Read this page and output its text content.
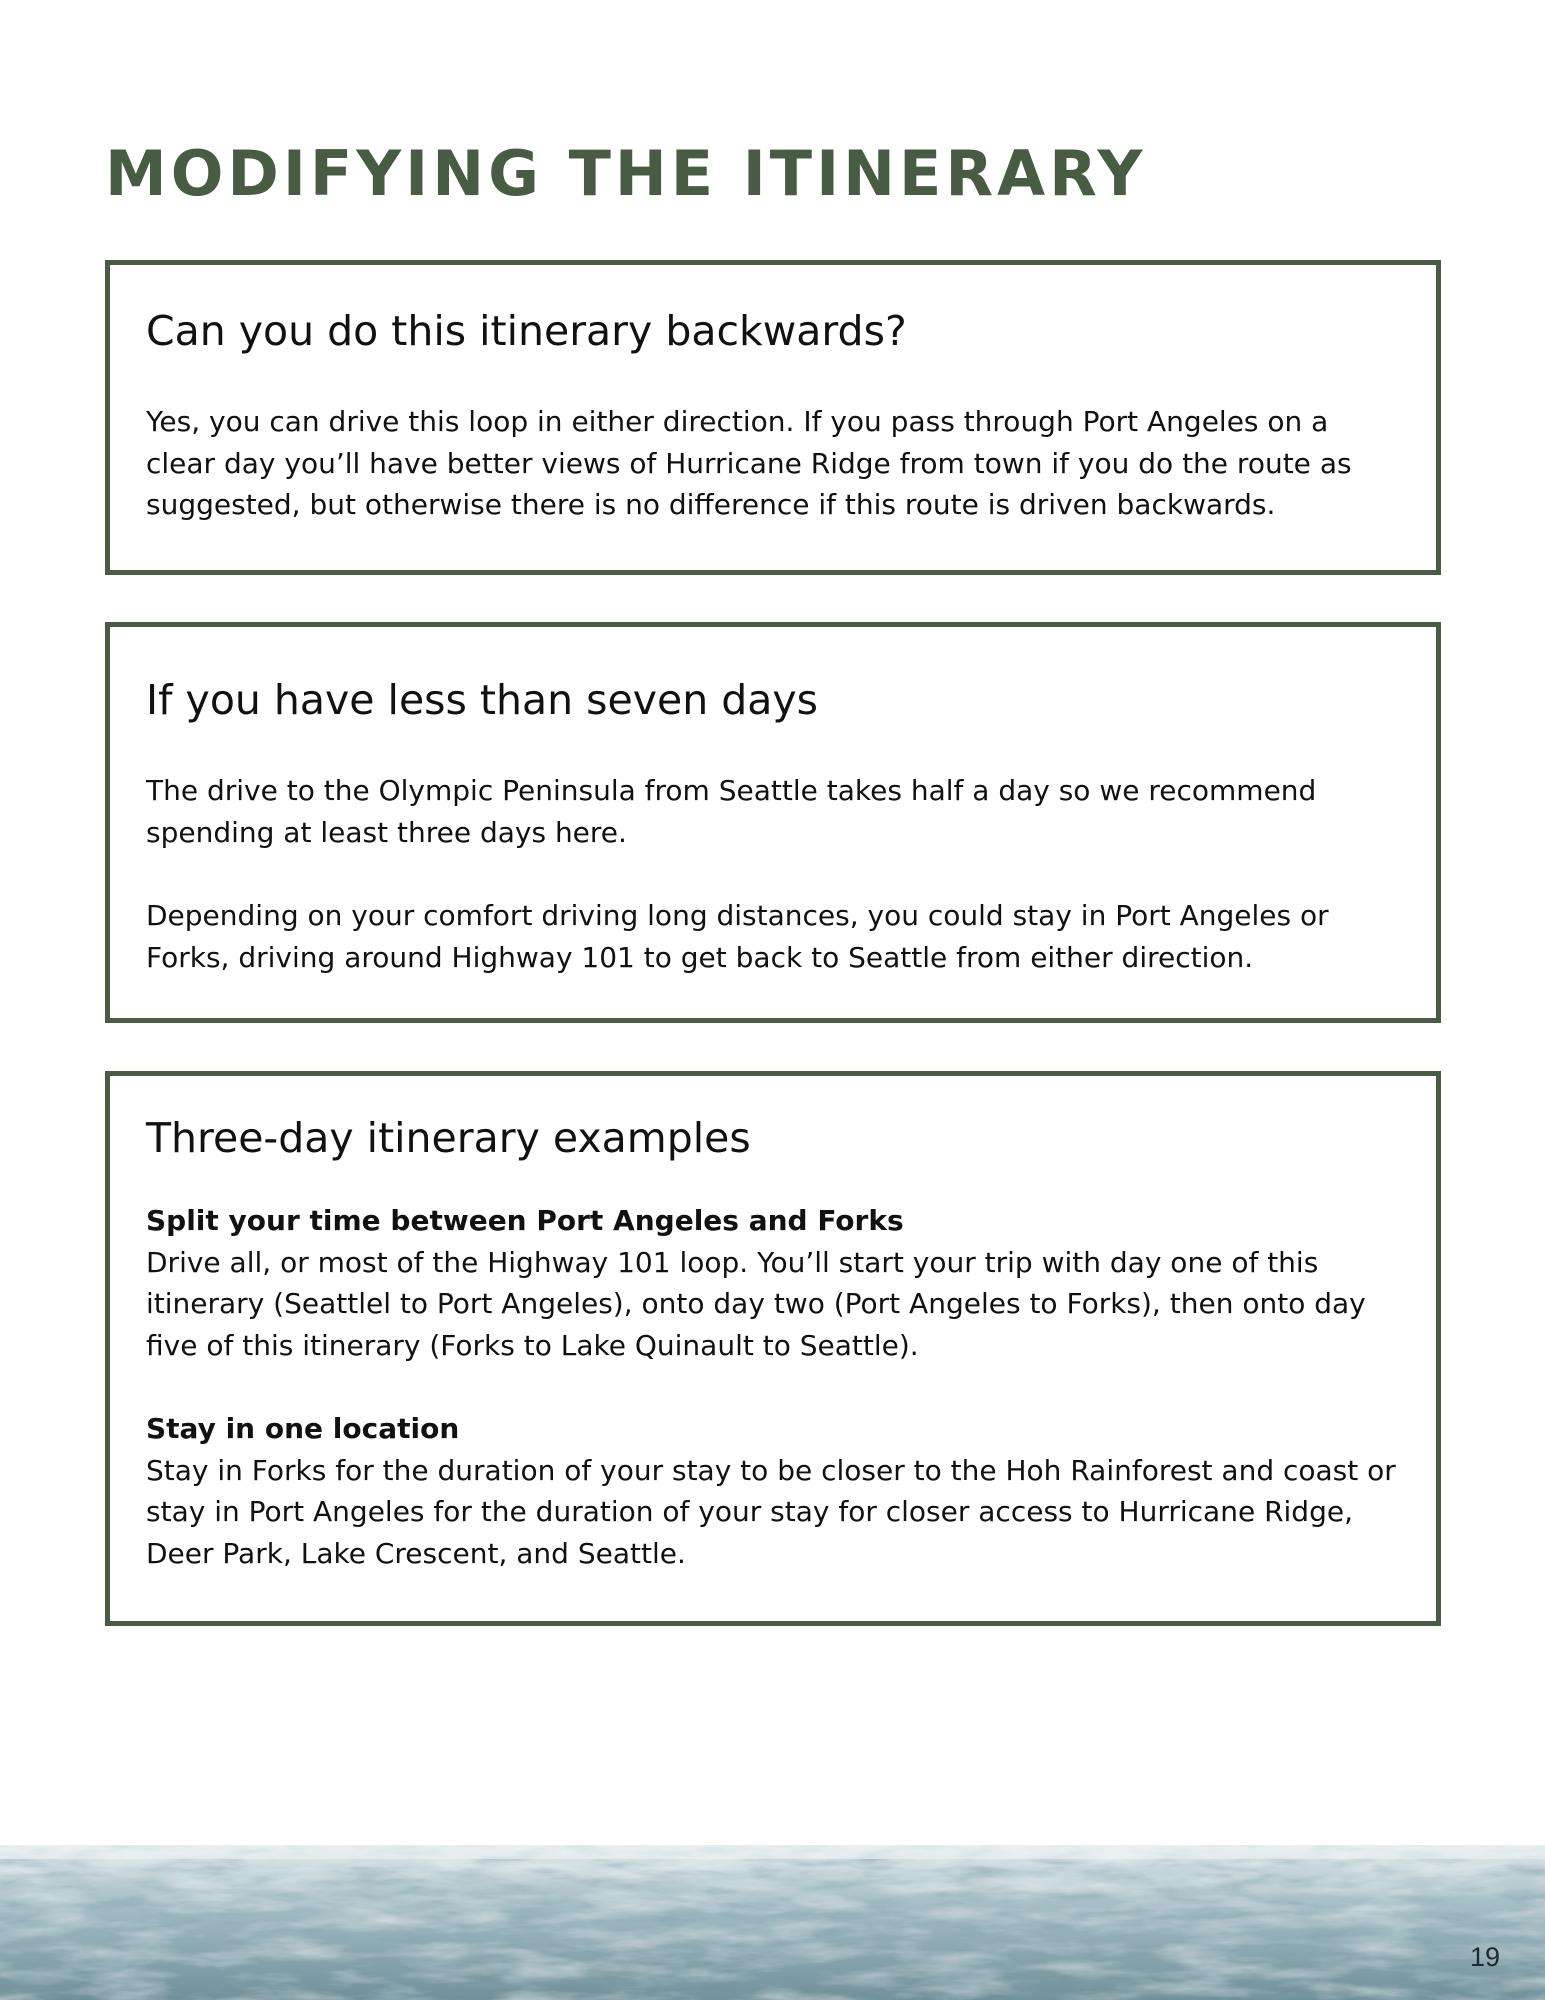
MODIFYING THE ITINERARY
Can you do this itinerary backwards?

Yes, you can drive this loop in either direction. If you pass through Port Angeles on a clear day you’ll have better views of Hurricane Ridge from town if you do the route as suggested, but otherwise there is no difference if this route is driven backwards.

If you have less than seven days

The drive to the Olympic Peninsula from Seattle takes half a day so we recommend spending at least three days here.

Depending on your comfort driving long distances, you could stay in Port Angeles or Forks, driving around Highway 101 to get back to Seattle from either direction.

Three-day itinerary examples
Split your time between Port Angeles and Forks

Drive all, or most of the Highway 101 loop. You’ll start your trip with day one of this itinerary (Seattlel to Port Angeles), onto day two (Port Angeles to Forks), then onto day five of this itinerary (Forks to Lake Quinault to Seattle).

Stay in one location

Stay in Forks for the duration of your stay to be closer to the Hoh Rainforest and coast or stay in Port Angeles for the duration of your stay for closer access to Hurricane Ridge, Deer Park, Lake Crescent, and Seattle.

19
